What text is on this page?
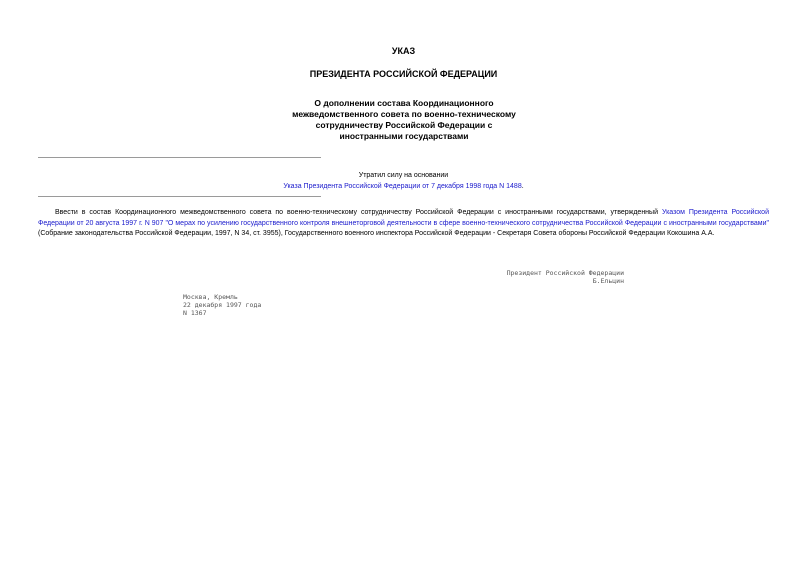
УКАЗ
ПРЕЗИДЕНТА РОССИЙСКОЙ ФЕДЕРАЦИИ
О дополнении состава Координационного
межведомственного совета по военно-техническому
сотрудничеству Российской Федерации с
иностранными государствами
Утратил силу на основании
Указа Президента Российской Федерации от 7 декабря 1998 года N 1488.

Ввести в состав Координационного межведомственного совета по военно-техническому сотрудничеству Российской Федерации с иностранными государствами, утвержденный Указом Президента Российской Федерации от 20 августа 1997 г. N 907 "О мерах по усилению государственного контроля внешнеторговой деятельности в сфере военно-технического сотрудничества Российской Федерации с иностранными государствами" (Собрание законодательства Российской Федерации, 1997, N 34, ст. 3955), Государственного военного инспектора Российской Федерации - Секретаря Совета обороны Российской Федерации Кокошина А.А.

Президент Российской Федерации
Б.Ельцин
Москва, Кремль
22 декабря 1997 года
N 1367
